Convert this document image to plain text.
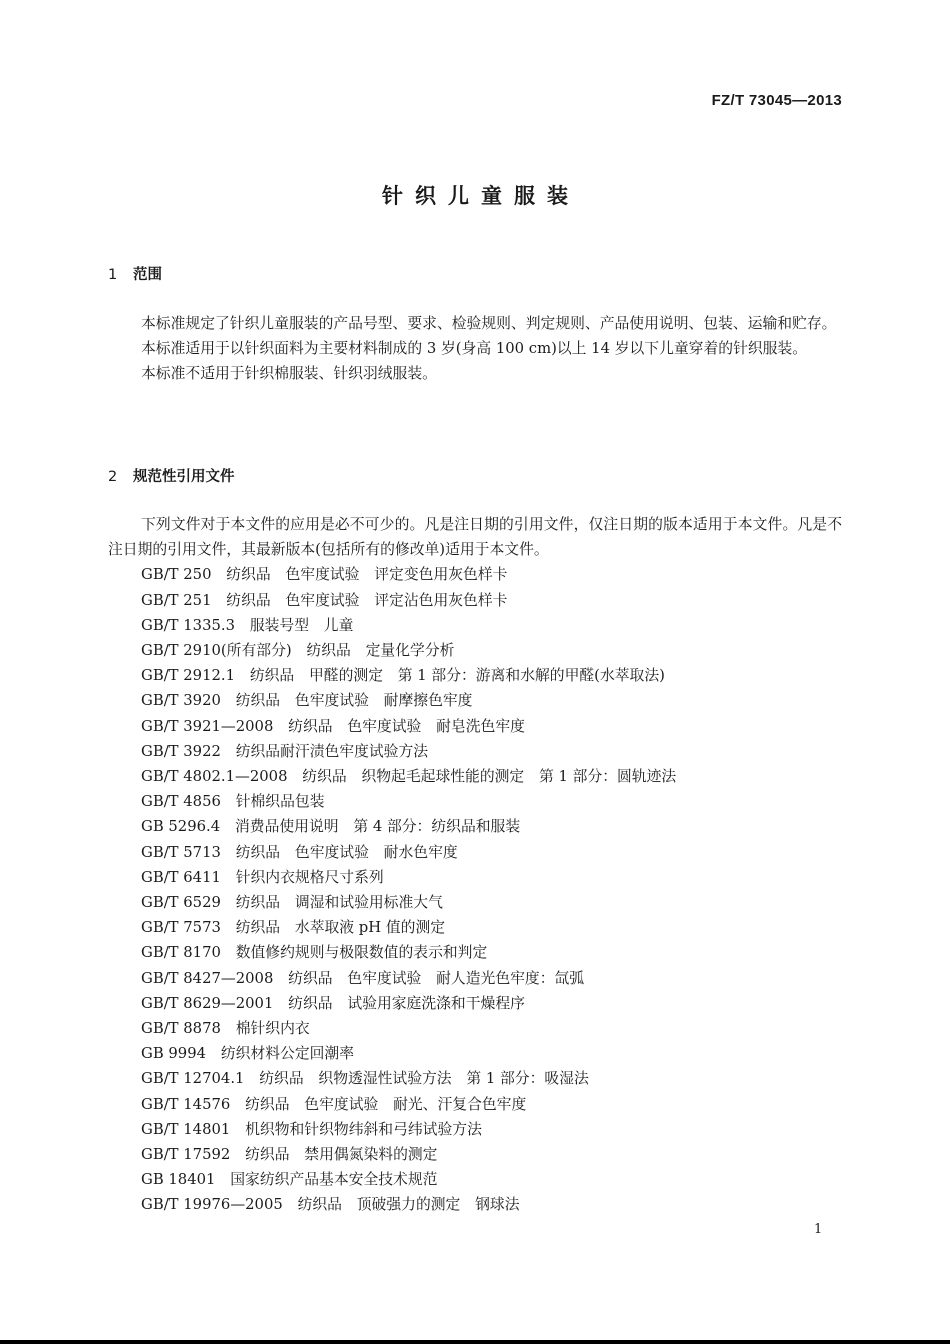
FZ/T 73045—2013
针织儿童服装
1 范围

本标准规定了针织儿童服装的产品号型、要求、检验规则、判定规则、产品使用说明、包装、运输和贮存。

本标准适用于以针织面料为主要材料制成的 3 岁(身高 100 cm)以上 14 岁以下儿童穿着的针织服装。

本标准不适用于针织棉服装、针织羽绒服装。

2 规范性引用文件

下列文件对于本文件的应用是必不可少的。凡是注日期的引用文件，仅注日期的版本适用于本文件。凡是不注日期的引用文件，其最新版本(包括所有的修改单)适用于本文件。

GB/T 250　纺织品　色牢度试验　评定变色用灰色样卡

GB/T 251　纺织品　色牢度试验　评定沾色用灰色样卡

GB/T 1335.3　服装号型　儿童

GB/T 2910(所有部分)　纺织品　定量化学分析

GB/T 2912.1　纺织品　甲醛的测定　第 1 部分：游离和水解的甲醛(水萃取法)

GB/T 3920　纺织品　色牢度试验　耐摩擦色牢度

GB/T 3921—2008　纺织品　色牢度试验　耐皂洗色牢度

GB/T 3922　纺织品耐汗渍色牢度试验方法

GB/T 4802.1—2008　纺织品　织物起毛起球性能的测定　第 1 部分：圆轨迹法

GB/T 4856　针棉织品包装

GB 5296.4　消费品使用说明　第 4 部分：纺织品和服装

GB/T 5713　纺织品　色牢度试验　耐水色牢度

GB/T 6411　针织内衣规格尺寸系列

GB/T 6529　纺织品　调湿和试验用标准大气

GB/T 7573　纺织品　水萃取液 pH 值的测定

GB/T 8170　数值修约规则与极限数值的表示和判定

GB/T 8427—2008　纺织品　色牢度试验　耐人造光色牢度：氙弧

GB/T 8629—2001　纺织品　试验用家庭洗涤和干燥程序

GB/T 8878　棉针织内衣

GB 9994　纺织材料公定回潮率

GB/T 12704.1　纺织品　织物透湿性试验方法　第 1 部分：吸湿法

GB/T 14576　纺织品　色牢度试验　耐光、汗复合色牢度

GB/T 14801　机织物和针织物纬斜和弓纬试验方法

GB/T 17592　纺织品　禁用偶氮染料的测定

GB 18401　国家纺织产品基本安全技术规范

GB/T 19976—2005　纺织品　顶破强力的测定　钢球法

1
